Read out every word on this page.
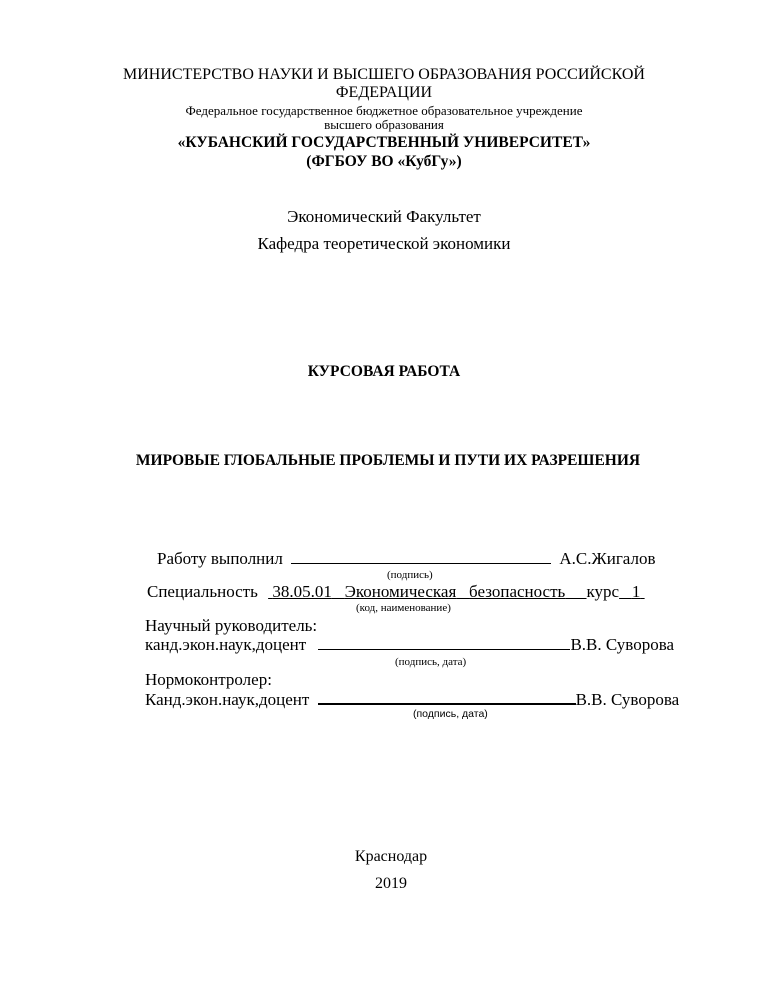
МИНИСТЕРСТВО НАУКИ И ВЫСШЕГО ОБРАЗОВАНИЯ РОССИЙСКОЙ
ФЕДЕРАЦИИ
Федеральное государственное бюджетное образовательное учреждение
высшего образования
«КУБАНСКИЙ ГОСУДАРСТВЕННЫЙ УНИВЕРСИТЕТ»
(ФГБОУ ВО «КубГу»)
Экономический Факультет
Кафедра теоретической экономики
КУРСОВАЯ РАБОТА
МИРОВЫЕ ГЛОБАЛЬНЫЕ ПРОБЛЕМЫ И ПУТИ ИХ РАЗРЕШЕНИЯ
Работу выполнил	А.С.Жигалов
(подпись)
Специальность 38.05.01 Экономическая безопасность курс 1
(код, наименование)
Научный руководитель:
канд.экон.наук,доцент	В.В. Суворова
(подпись, дата)
Нормоконтролер:
Канд.экон.наук,доцент	В.В. Суворова
(подпись, дата)
Краснодар
2019
